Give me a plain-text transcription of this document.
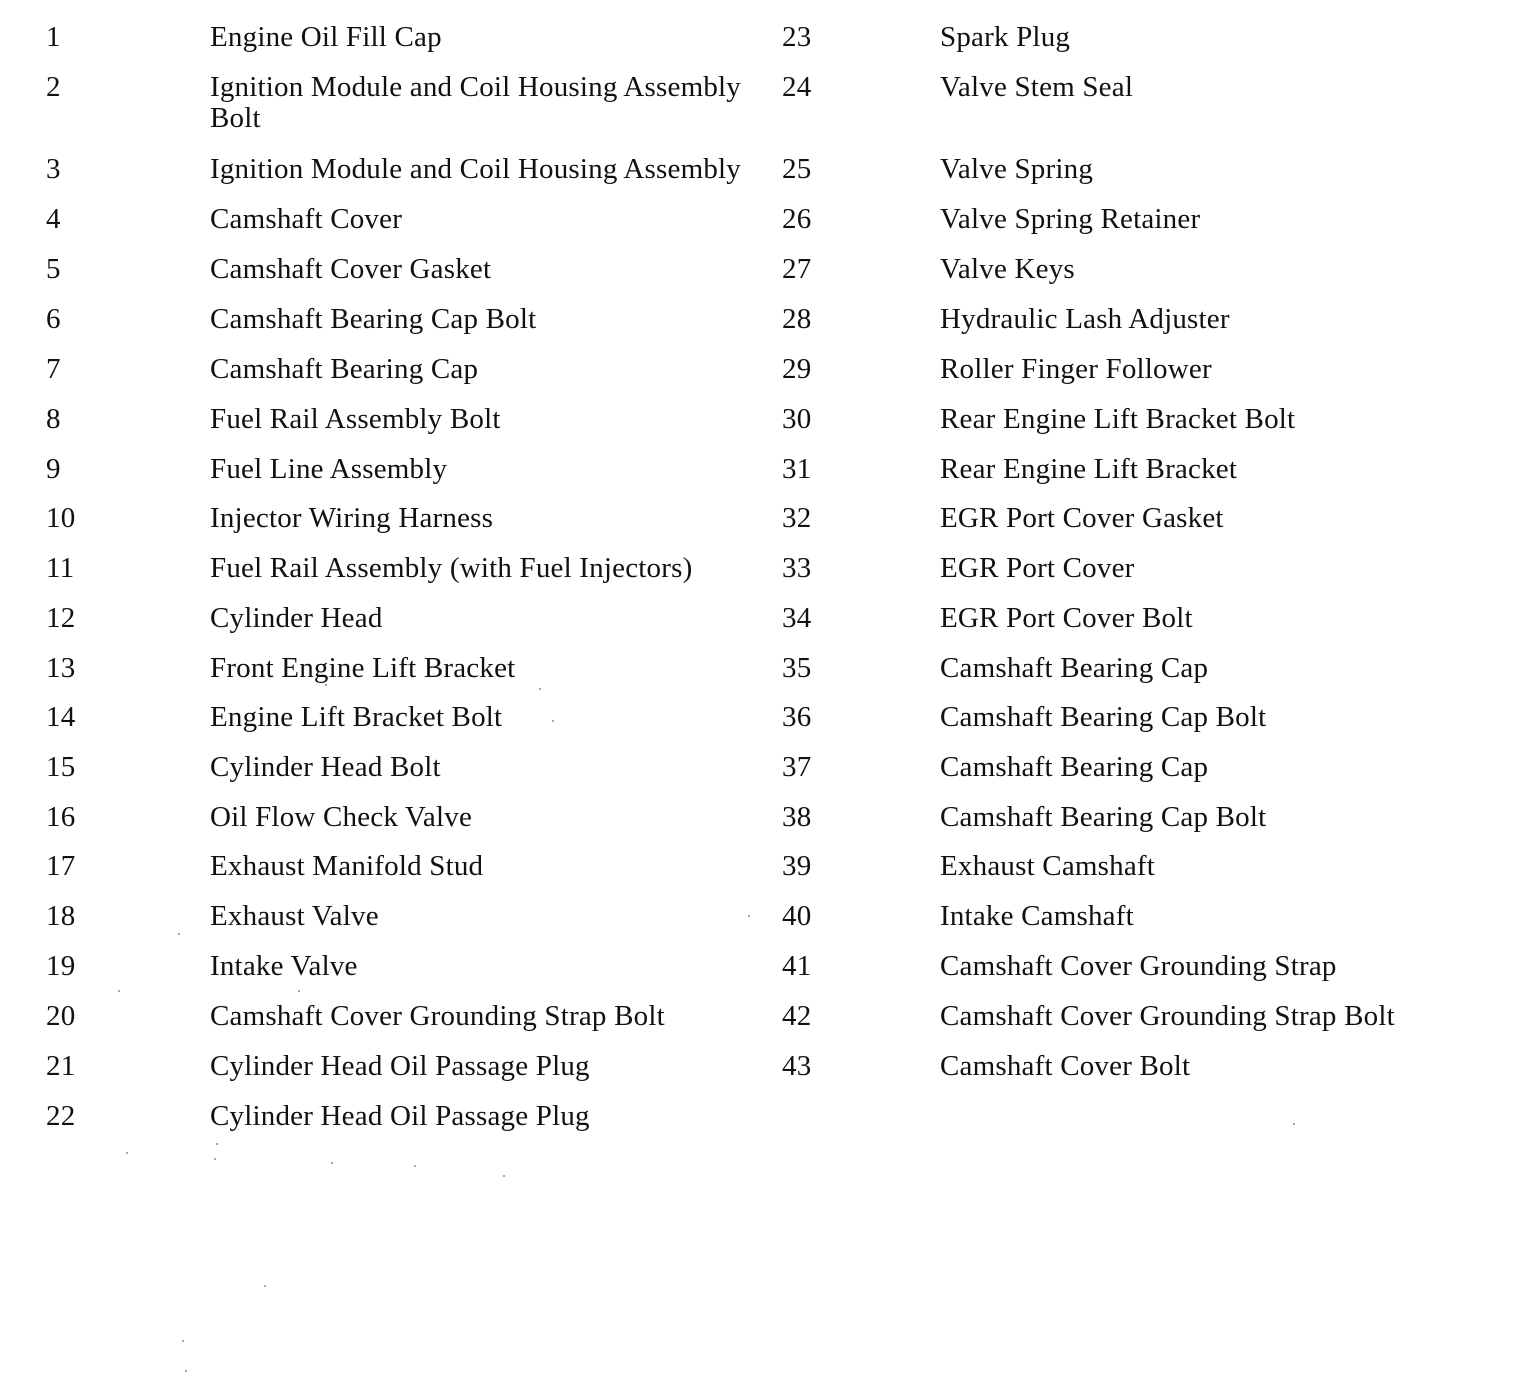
1	Engine Oil Fill Cap
2	Ignition Module and Coil Housing Assembly Bolt
3	Ignition Module and Coil Housing Assembly
4	Camshaft Cover
5	Camshaft Cover Gasket
6	Camshaft Bearing Cap Bolt
7	Camshaft Bearing Cap
8	Fuel Rail Assembly Bolt
9	Fuel Line Assembly
10	Injector Wiring Harness
11	Fuel Rail Assembly (with Fuel Injectors)
12	Cylinder Head
13	Front Engine Lift Bracket
14	Engine Lift Bracket Bolt
15	Cylinder Head Bolt
16	Oil Flow Check Valve
17	Exhaust Manifold Stud
18	Exhaust Valve
19	Intake Valve
20	Camshaft Cover Grounding Strap Bolt
21	Cylinder Head Oil Passage Plug
22	Cylinder Head Oil Passage Plug
23	Spark Plug
24	Valve Stem Seal
25	Valve Spring
26	Valve Spring Retainer
27	Valve Keys
28	Hydraulic Lash Adjuster
29	Roller Finger Follower
30	Rear Engine Lift Bracket Bolt
31	Rear Engine Lift Bracket
32	EGR Port Cover Gasket
33	EGR Port Cover
34	EGR Port Cover Bolt
35	Camshaft Bearing Cap
36	Camshaft Bearing Cap Bolt
37	Camshaft Bearing Cap
38	Camshaft Bearing Cap Bolt
39	Exhaust Camshaft
40	Intake Camshaft
41	Camshaft Cover Grounding Strap
42	Camshaft Cover Grounding Strap Bolt
43	Camshaft Cover Bolt
